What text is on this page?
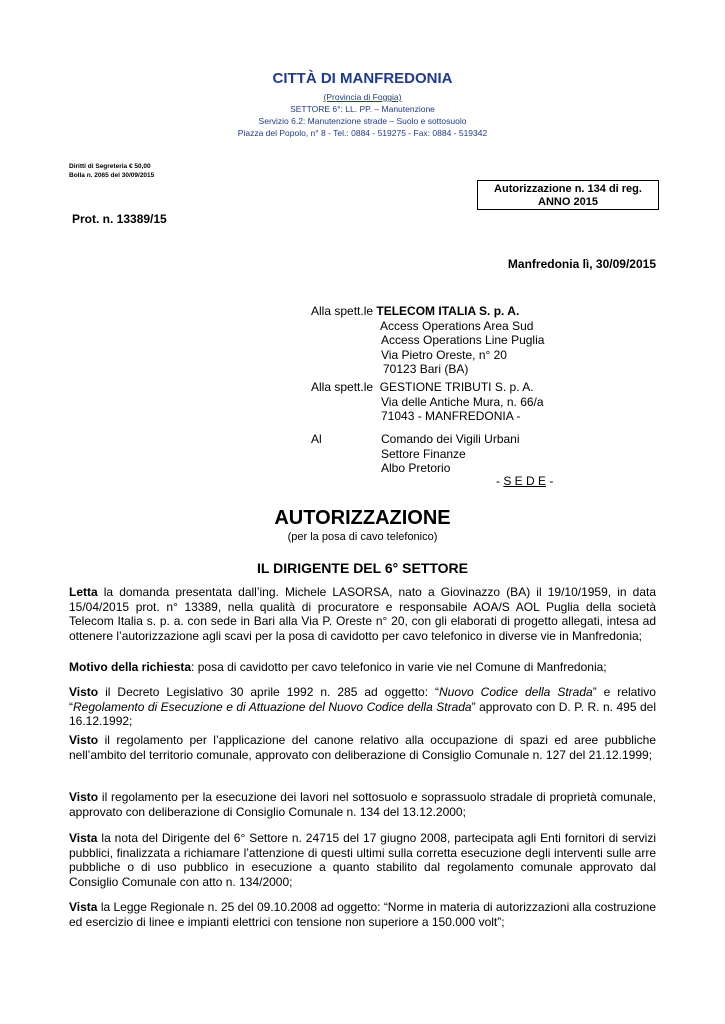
CITTÀ DI MANFREDONIA
(Provincia di Foggia)
SETTORE 6°: LL. PP. – Manutenzione
Servizio 6.2: Manutenzione strade – Suolo e sottosuolo
Piazza del Popolo, n° 8 - Tel.: 0884 - 519275 - Fax: 0884 - 519342
Diritti di Segreteria € 50,00
Bolla n. 2065 del 30/09/2015
Autorizzazione n. 134 di reg.
ANNO 2015
Prot. n. 13389/15
Manfredonia lì, 30/09/2015
Alla spett.le TELECOM ITALIA S. p. A.
Access Operations Area Sud
Access Operations Line Puglia
Via Pietro Oreste, n° 20
70123 Bari (BA)
Alla spett.le GESTIONE TRIBUTI S. p. A.
Via delle Antiche Mura, n. 66/a
71043 - MANFREDONIA -
Al	Comando dei Vigili Urbani
Settore Finanze
Albo Pretorio
- S E D E -
AUTORIZZAZIONE
(per la posa di cavo telefonico)
IL DIRIGENTE DEL 6° SETTORE
Letta la domanda presentata dall’ing. Michele LASORSA, nato a Giovinazzo (BA) il 19/10/1959, in data 15/04/2015 prot. n° 13389, nella qualità di procuratore e responsabile AOA/S AOL Puglia della società Telecom Italia s. p. a. con sede in Bari alla Via P. Oreste n° 20, con gli elaborati di progetto allegati, intesa ad ottenere l’autorizzazione agli scavi per la posa di cavidotto per cavo telefonico in diverse vie in Manfredonia;
Motivo della richiesta: posa di cavidotto per cavo telefonico in varie vie nel Comune di Manfredonia;
Visto il Decreto Legislativo 30 aprile 1992 n. 285 ad oggetto: “Nuovo Codice della Strada” e relativo “Regolamento di Esecuzione e di Attuazione del Nuovo Codice della Strada” approvato con D. P. R. n. 495 del 16.12.1992;
Visto il regolamento per l’applicazione del canone relativo alla occupazione di spazi ed aree pubbliche nell’ambito del territorio comunale, approvato con deliberazione di Consiglio Comunale n. 127 del 21.12.1999;
Visto il regolamento per la esecuzione dei lavori nel sottosuolo e soprassuolo stradale di proprietà comunale, approvato con deliberazione di Consiglio Comunale n. 134 del 13.12.2000;
Vista la nota del Dirigente del 6° Settore n. 24715 del 17 giugno 2008, partecipata agli Enti fornitori di servizi pubblici, finalizzata a richiamare l’attenzione di questi ultimi sulla corretta esecuzione degli interventi sulle arre pubbliche o di uso pubblico in esecuzione a quanto stabilito dal regolamento comunale approvato dal Consiglio Comunale con atto n. 134/2000;
Vista la Legge Regionale n. 25 del 09.10.2008 ad oggetto: “Norme in materia di autorizzazioni alla costruzione ed esercizio di linee e impianti elettrici con tensione non superiore a 150.000 volt”;
